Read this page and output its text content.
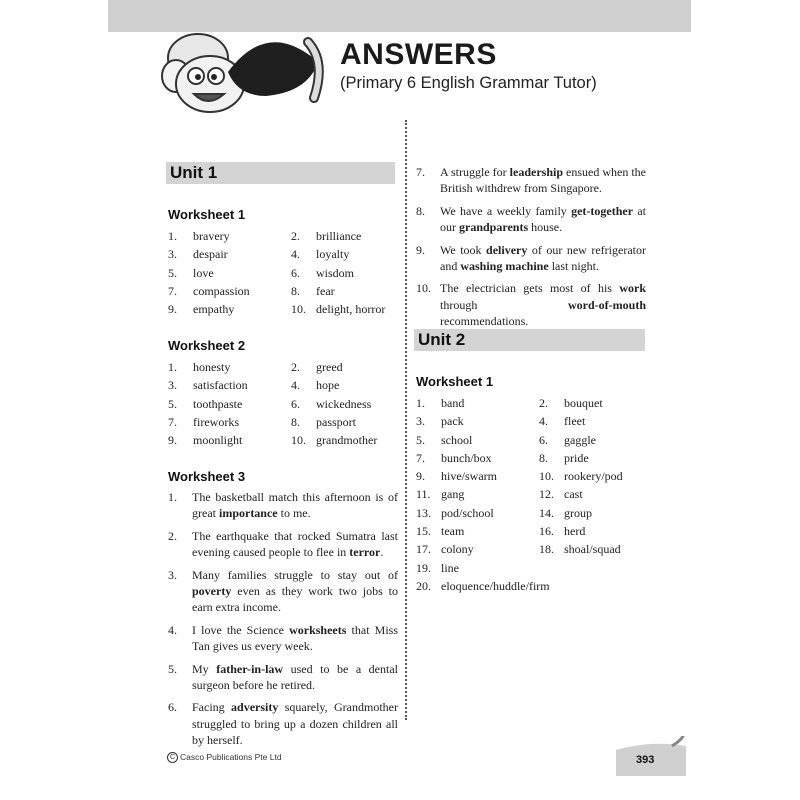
ANSWERS
(Primary 6 English Grammar Tutor)
Unit 1
Worksheet 1
1.	bravery	2.	brilliance
3.	despair	4.	loyalty
5.	love	6.	wisdom
7.	compassion	8.	fear
9.	empathy	10. delight, horror
Worksheet 2
1.	honesty	2.	greed
3.	satisfaction	4.	hope
5.	toothpaste	6.	wickedness
7.	fireworks	8.	passport
9.	moonlight	10. grandmother
Worksheet 3
1. The basketball match this afternoon is of great importance to me.
2. The earthquake that rocked Sumatra last evening caused people to flee in terror.
3. Many families struggle to stay out of poverty even as they work two jobs to earn extra income.
4. I love the Science worksheets that Miss Tan gives us every week.
5. My father-in-law used to be a dental surgeon before he retired.
6. Facing adversity squarely, Grandmother struggled to bring up a dozen children all by herself.
7. A struggle for leadership ensued when the British withdrew from Singapore.
8. We have a weekly family get-together at our grandparents house.
9. We took delivery of our new refrigerator and washing machine last night.
10. The electrician gets most of his work through word-of-mouth recommendations.
Unit 2
Worksheet 1
1.	band	2.	bouquet
3.	pack	4.	fleet
5.	school	6.	gaggle
7.	bunch/box	8.	pride
9.	hive/swarm	10. rookery/pod
11. gang	12. cast
13. pod/school	14. group
15. team	16. herd
17. colony	18. shoal/squad
19. line
20. eloquence/huddle/firm
C Casco Publications Pte Ltd	393
